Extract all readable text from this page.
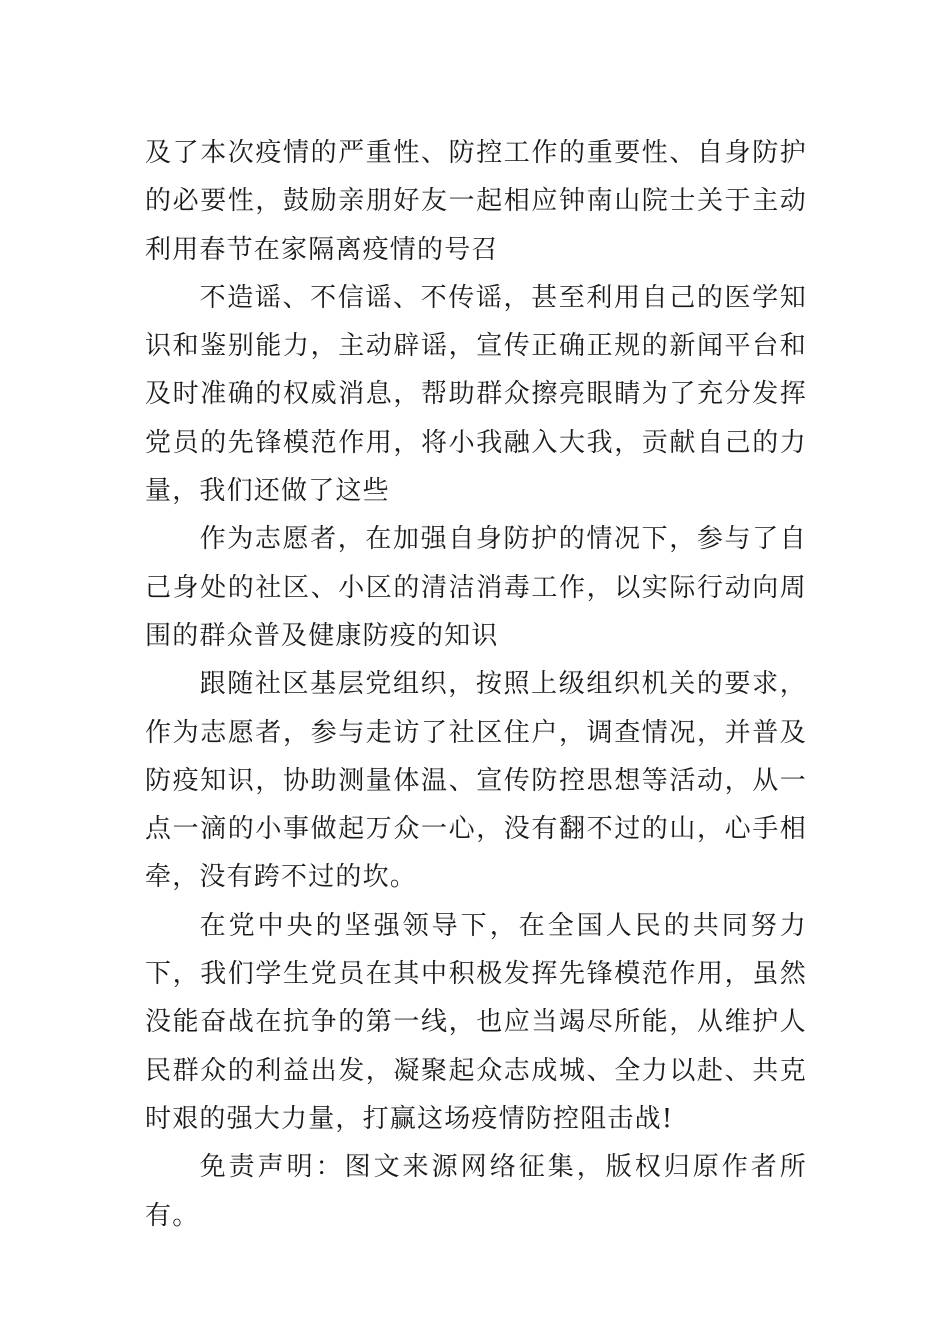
及了本次疫情的严重性、防控工作的重要性、自身防护的必要性，鼓励亲朋好友一起相应钟南山院士关于主动利用春节在家隔离疫情的号召

不造谣、不信谣、不传谣，甚至利用自己的医学知识和鉴别能力，主动辟谣，宣传正确正规的新闻平台和及时准确的权威消息，帮助群众擦亮眼睛为了充分发挥党员的先锋模范作用，将小我融入大我，贡献自己的力量，我们还做了这些

作为志愿者，在加强自身防护的情况下，参与了自己身处的社区、小区的清洁消毒工作，以实际行动向周围的群众普及健康防疫的知识

跟随社区基层党组织，按照上级组织机关的要求，作为志愿者，参与走访了社区住户，调查情况，并普及防疫知识，协助测量体温、宣传防控思想等活动，从一点一滴的小事做起万众一心，没有翻不过的山，心手相牵，没有跨不过的坎。

在党中央的坚强领导下，在全国人民的共同努力下，我们学生党员在其中积极发挥先锋模范作用，虽然没能奋战在抗争的第一线，也应当竭尽所能，从维护人民群众的利益出发，凝聚起众志成城、全力以赴、共克时艰的强大力量，打赢这场疫情防控阻击战!

免责声明：图文来源网络征集，版权归原作者所有。
